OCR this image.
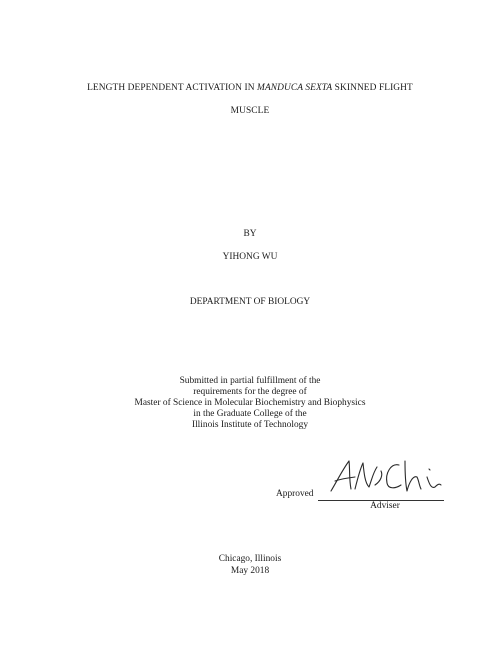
LENGTH DEPENDENT ACTIVATION IN MANDUCA SEXTA SKINNED FLIGHT
MUSCLE
BY
YIHONG WU
DEPARTMENT OF BIOLOGY
Submitted in partial fulfillment of the
requirements for the degree of
Master of Science in Molecular Biochemistry and Biophysics
in the Graduate College of the
Illinois Institute of Technology
Approved
Adviser
Chicago, Illinois
May 2018
